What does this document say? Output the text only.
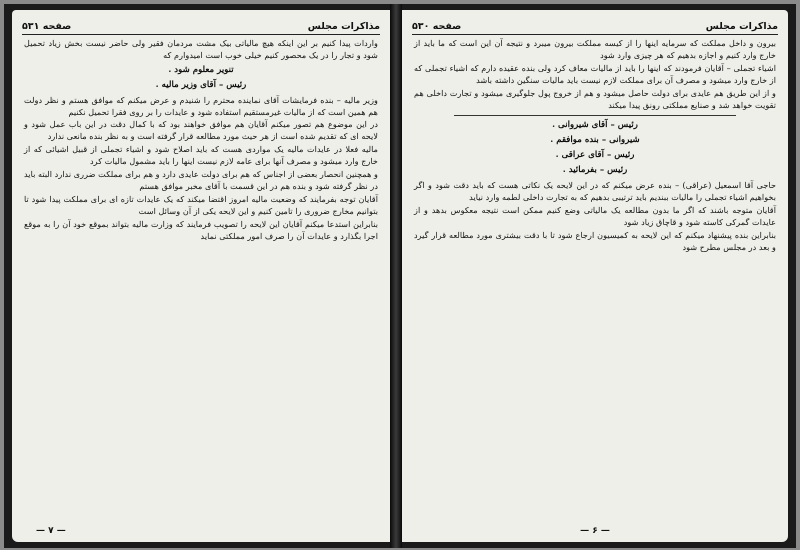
مذاکرات مجلس
صفحه ۵۳۱

واردات پیدا کنیم بر این اینکه هیچ مالیاتی بیک مشت مردمان فقیر ولی حاضر نیست بخش زیاد تحمیل شود و تجار را در یک محصور کنیم خیلی خوب است امیدوارم که

تنویر معلوم شود .

رئیس – آقای وزیر مالیه .

وزیر مالیه – بنده فرمایشات آقای نماینده محترم را شنیدم و عرض میکنم که موافق هستم و نظر دولت هم همین است که از مالیات غیرمستقیم استفاده شود و عایدات را بر روی فقرا تحمیل نکنیم

در این موضوع هم تصور میکنم آقایان هم موافق خواهند بود که با کمال دقت در این باب عمل شود و لایحه ای که تقدیم شده است از هر حیث مورد مطالعه قرار گرفته است و به نظر بنده مانعی ندارد

مالیه فعلا در عایدات مالیه یک مواردی هست که باید اصلاح شود و اشیاء تجملی از قبیل اشیائی که از خارج وارد میشود و مصرف آنها برای عامه لازم نیست اینها را باید مشمول مالیات کرد

و همچنین انحصار بعضی از اجناس که هم برای دولت عایدی دارد و هم برای مملکت ضرری ندارد البته باید در نظر گرفته شود و بنده هم در این قسمت با آقای مخبر موافق هستم

آقایان توجه بفرمایند که وضعیت مالیه امروز اقتضا میکند که یک عایدات تازه ای برای مملکت پیدا شود تا بتوانیم مخارج ضروری را تامین کنیم و این لایحه یکی از آن وسائل است

بنابراین استدعا میکنم آقایان این لایحه را تصویب فرمایند که وزارت مالیه بتواند بموقع خود آن را به موقع اجرا بگذارد و عایدات آن را صرف امور مملکتی نماید

— ۷ —
مذاکرات مجلس
صفحه ۵۳۰

بیرون و داخل مملکت که سرمایه اینها را از کیسه مملکت بیرون میبرد و نتیجه آن این است که ما باید از خارج وارد کنیم و اجازه بدهیم که هر چیزی وارد شود

اشیاء تجملی – آقایان فرمودند که اینها را باید از مالیات معاف کرد ولی بنده عقیده دارم که اشیاء تجملی که از خارج وارد میشود و مصرف آن برای مملکت لازم نیست باید مالیات سنگین داشته باشد

و از این طریق هم عایدی برای دولت حاصل میشود و هم از خروج پول جلوگیری میشود و تجارت داخلی هم تقویت خواهد شد و صنایع مملکتی رونق پیدا میکند

رئیس – آقای شیروانی .

شیروانی – بنده موافقم .

رئیس – آقای عراقی .

رئیس – بفرمائید .

حاجی آقا اسمعیل (عراقی) – بنده عرض میکنم که در این لایحه یک نکاتی هست که باید دقت شود و اگر بخواهیم اشیاء تجملی را مالیات ببندیم باید ترتیبی بدهیم که به تجارت داخلی لطمه وارد نیاید

آقایان متوجه باشند که اگر ما بدون مطالعه یک مالیاتی وضع کنیم ممکن است نتیجه معکوس بدهد و از عایدات گمرکی کاسته شود و قاچاق زیاد شود

بنابراین بنده پیشنهاد میکنم که این لایحه به کمیسیون ارجاع شود تا با دقت بیشتری مورد مطالعه قرار گیرد و بعد در مجلس مطرح شود

— ۶ —
